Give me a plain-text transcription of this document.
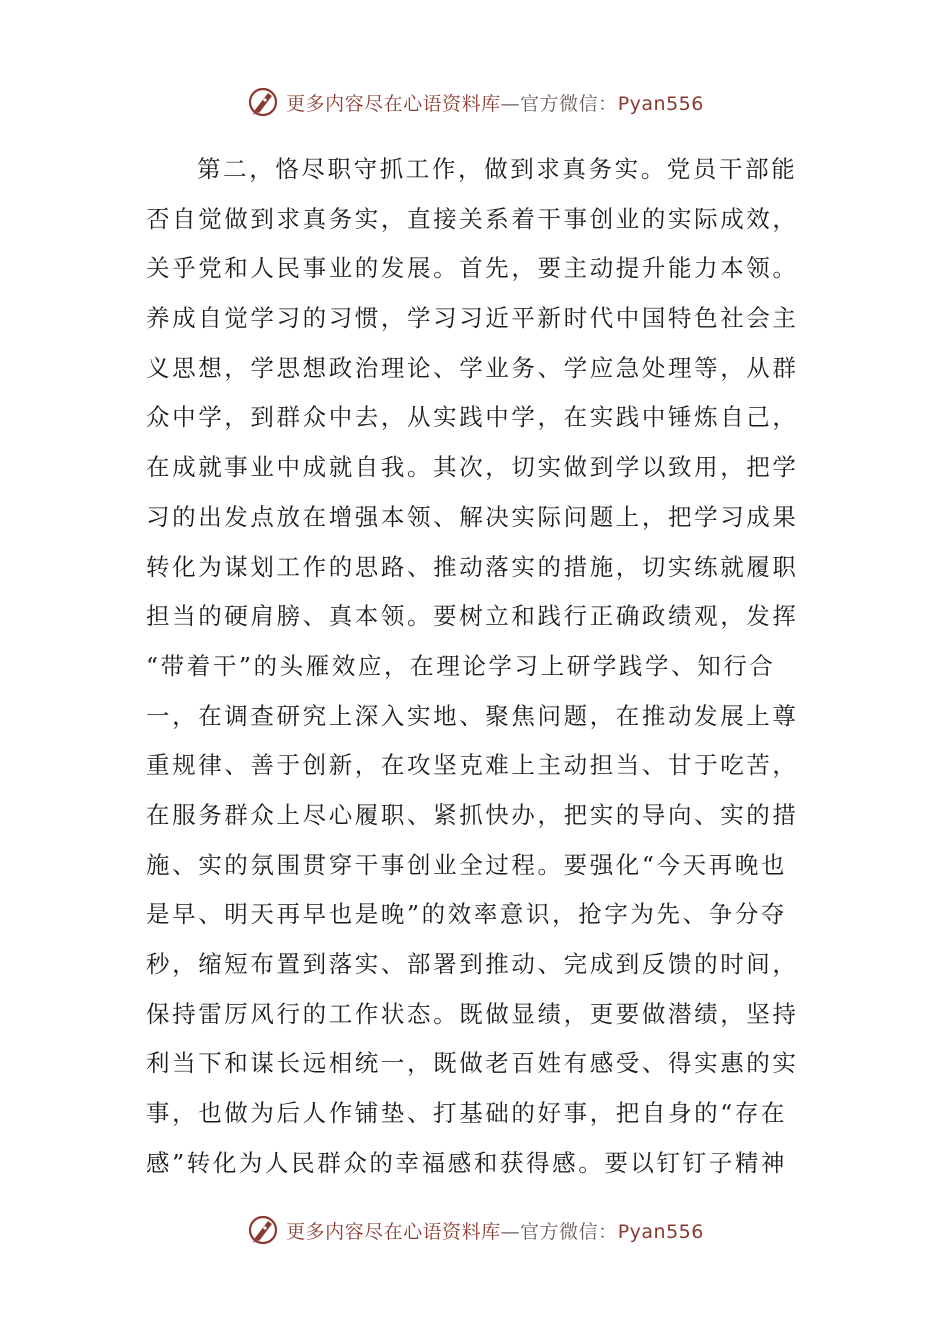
更多内容尽在心语资料库—官方微信：Pyan556
第二，恪尽职守抓工作，做到求真务实。党员干部能
否自觉做到求真务实，直接关系着干事创业的实际成效，
关乎党和人民事业的发展。首先，要主动提升能力本领。
养成自觉学习的习惯，学习习近平新时代中国特色社会主
义思想，学思想政治理论、学业务、学应急处理等，从群
众中学，到群众中去，从实践中学，在实践中锤炼自己，
在成就事业中成就自我。其次，切实做到学以致用，把学
习的出发点放在增强本领、解决实际问题上，把学习成果
转化为谋划工作的思路、推动落实的措施，切实练就履职
担当的硬肩膀、真本领。要树立和践行正确政绩观，发挥
“带着干”的头雁效应，在理论学习上研学践学、知行合
一，在调查研究上深入实地、聚焦问题，在推动发展上尊
重规律、善于创新，在攻坚克难上主动担当、甘于吃苦，
在服务群众上尽心履职、紧抓快办，把实的导向、实的措
施、实的氛围贯穿干事创业全过程。要强化“今天再晚也
是早、明天再早也是晚”的效率意识，抢字为先、争分夺
秒，缩短布置到落实、部署到推动、完成到反馈的时间，
保持雷厉风行的工作状态。既做显绩，更要做潜绩，坚持
利当下和谋长远相统一，既做老百姓有感受、得实惠的实
事，也做为后人作铺垫、打基础的好事，把自身的“存在
感”转化为人民群众的幸福感和获得感。要以钉钉子精神
更多内容尽在心语资料库—官方微信：Pyan556
